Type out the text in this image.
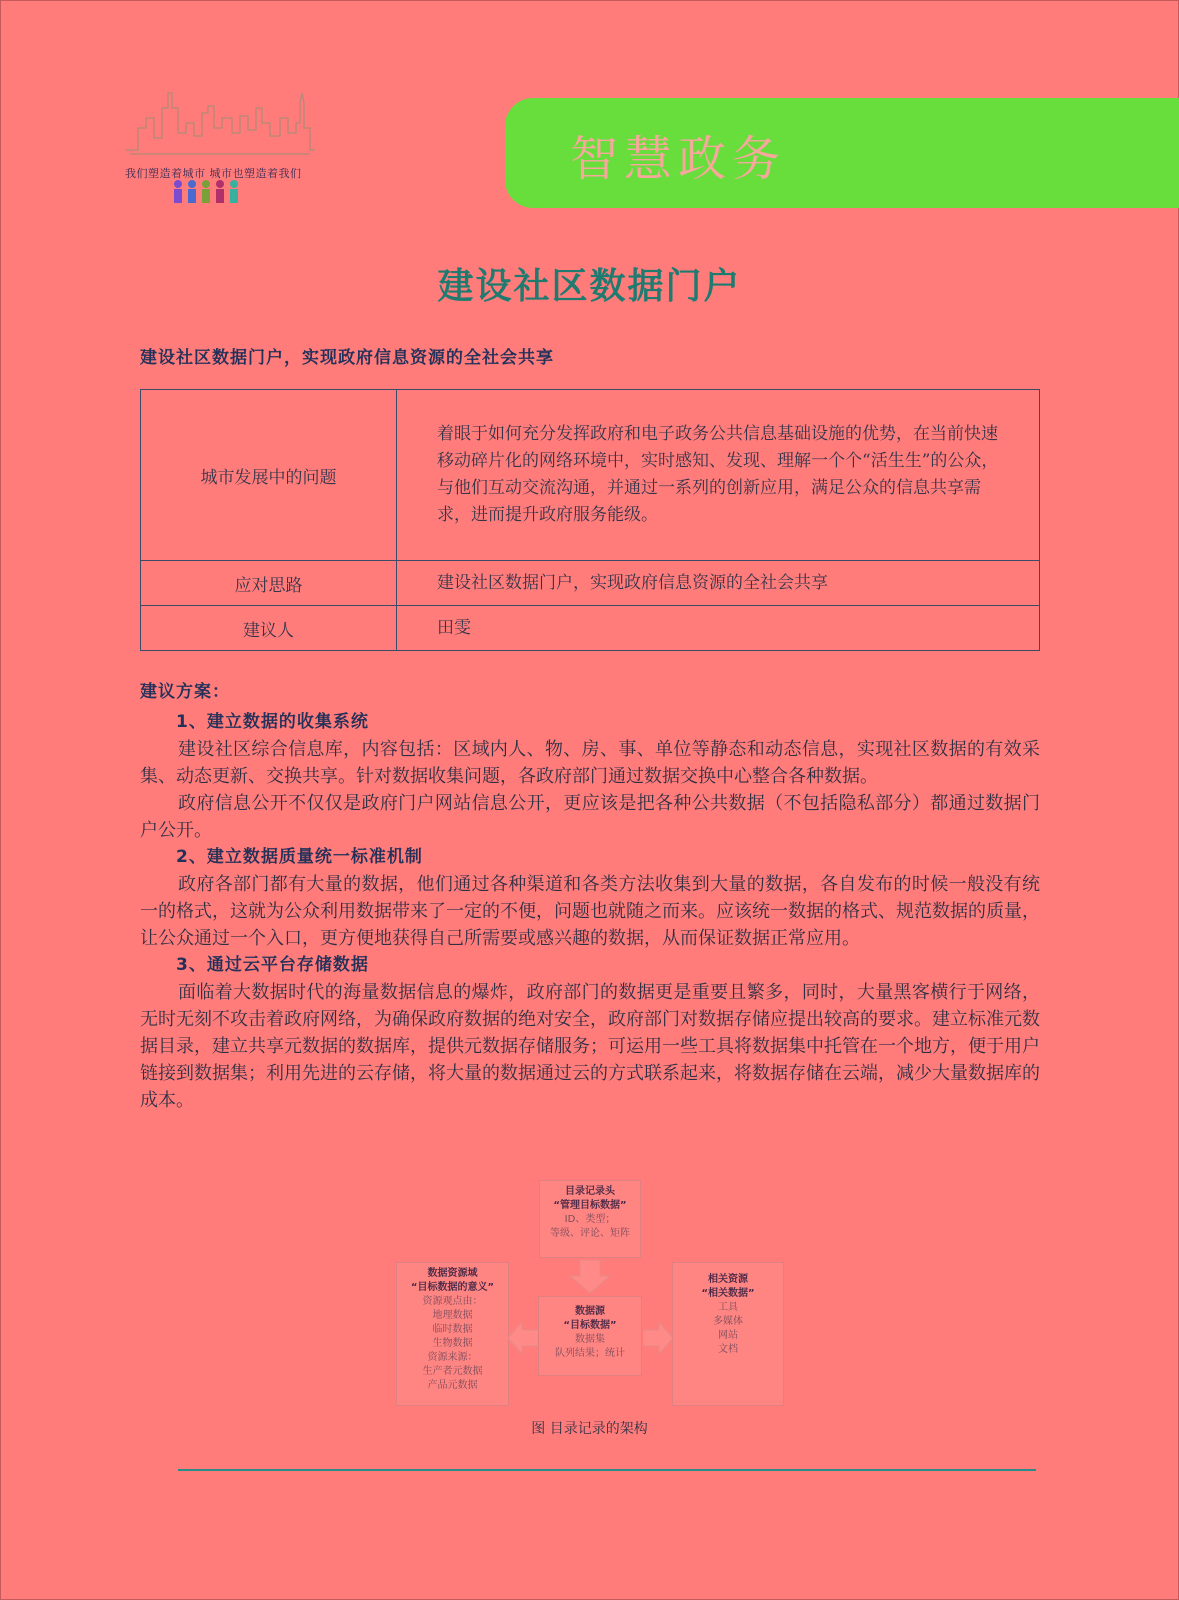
我们塑造着城市 城市也塑造着我们	智慧政务
建设社区数据门户
建设社区数据门户，实现政府信息资源的全社会共享
城市发展中的问题	着眼于如何充分发挥政府和电子政务公共信息基础设施的优势，在当前快速移动碎片化的网络环境中，实时感知、发现、理解一个个“活生生”的公众，与他们互动交流沟通，并通过一系列的创新应用，满足公众的信息共享需求，进而提升政府服务能级。
应对思路	建设社区数据门户，实现政府信息资源的全社会共享
建议人	田雯
建议方案：
1、建立数据的收集系统

建设社区综合信息库，内容包括：区域内人、物、房、事、单位等静态和动态信息，实现社区数据的有效采集、动态更新、交换共享。针对数据收集问题，各政府部门通过数据交换中心整合各种数据。

政府信息公开不仅仅是政府门户网站信息公开，更应该是把各种公共数据（不包括隐私部分）都通过数据门户公开。

2、建立数据质量统一标准机制

政府各部门都有大量的数据，他们通过各种渠道和各类方法收集到大量的数据，各自发布的时候一般没有统一的格式，这就为公众利用数据带来了一定的不便，问题也就随之而来。应该统一数据的格式、规范数据的质量，让公众通过一个入口，更方便地获得自己所需要或感兴趣的数据，从而保证数据正常应用。

3、通过云平台存储数据

面临着大数据时代的海量数据信息的爆炸，政府部门的数据更是重要且繁多，同时，大量黑客横行于网络，无时无刻不攻击着政府网络，为确保政府数据的绝对安全，政府部门对数据存储应提出较高的要求。建立标准元数据目录，建立共享元数据的数据库，提供元数据存储服务；可运用一些工具将数据集中托管在一个地方，便于用户链接到数据集；利用先进的云存储，将大量的数据通过云的方式联系起来，将数据存储在云端，减少大量数据库的成本。

目录记录头
“管理目标数据”
ID、类型；
等级、评论、矩阵
数据资源域
“目标数据的意义”
资源观点由：
地理数据
临时数据
生物数据
资源来源：
生产者元数据
产品元数据
数据源
“目标数据”
数据集
队列结果；统计
相关资源
“相关数据”
工具
多媒体
网站
文档
图 目录记录的架构
